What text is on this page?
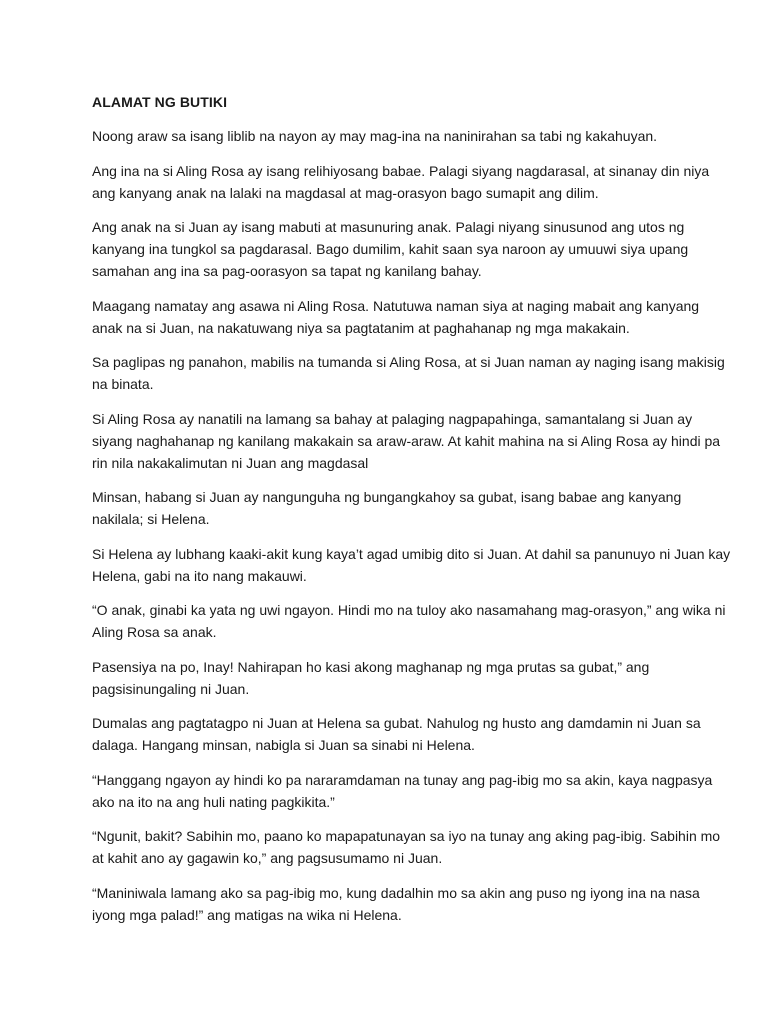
ALAMAT NG BUTIKI

Noong araw sa isang liblib na nayon ay may mag-ina na naninirahan sa tabi ng kakahuyan.

Ang ina na si Aling Rosa ay isang relihiyosang babae. Palagi siyang nagdarasal, at sinanay din niya ang kanyang anak na lalaki na magdasal at mag-orasyon bago sumapit ang dilim.

Ang anak na si Juan ay isang mabuti at masunuring anak. Palagi niyang sinusunod ang utos ng kanyang ina tungkol sa pagdarasal. Bago dumilim, kahit saan sya naroon ay umuuwi siya upang samahan ang ina sa pag-oorasyon sa tapat ng kanilang bahay.

Maagang namatay ang asawa ni Aling Rosa. Natutuwa naman siya at naging mabait ang kanyang anak na si Juan, na nakatuwang niya sa pagtatanim at paghahanap ng mga makakain.

Sa paglipas ng panahon, mabilis na tumanda si Aling Rosa, at si Juan naman ay naging isang makisig na binata.

Si Aling Rosa ay nanatili na lamang sa bahay at palaging nagpapahinga, samantalang si Juan ay siyang naghahanap ng kanilang makakain sa araw-araw. At kahit mahina na si Aling Rosa ay hindi pa rin nila nakakalimutan ni Juan ang magdasal

Minsan, habang si Juan ay nangunguha ng bungangkahoy sa gubat, isang babae ang kanyang nakilala; si Helena.

Si Helena ay lubhang kaaki-akit kung kaya’t agad umibig dito si Juan. At dahil sa panunuyo ni Juan kay Helena, gabi na ito nang makauwi.

“O anak, ginabi ka yata ng uwi ngayon. Hindi mo na tuloy ako nasamahang mag-orasyon,” ang wika ni Aling Rosa sa anak.

Pasensiya na po, Inay! Nahirapan ho kasi akong maghanap ng mga prutas sa gubat,” ang pagsisinungaling ni Juan.

Dumalas ang pagtatagpo ni Juan at Helena sa gubat. Nahulog ng husto ang damdamin ni Juan sa dalaga. Hangang minsan, nabigla si Juan sa sinabi ni Helena.

“Hanggang ngayon ay hindi ko pa nararamdaman na tunay ang pag-ibig mo sa akin, kaya nagpasya ako na ito na ang huli nating pagkikita.”

“Ngunit, bakit? Sabihin mo, paano ko mapapatunayan sa iyo na tunay ang aking pag-ibig. Sabihin mo at kahit ano ay gagawin ko,” ang pagsusumamo ni Juan.

“Maniniwala lamang ako sa pag-ibig mo, kung dadalhin mo sa akin ang puso ng iyong ina na nasa iyong mga palad!” ang matigas na wika ni Helena.
